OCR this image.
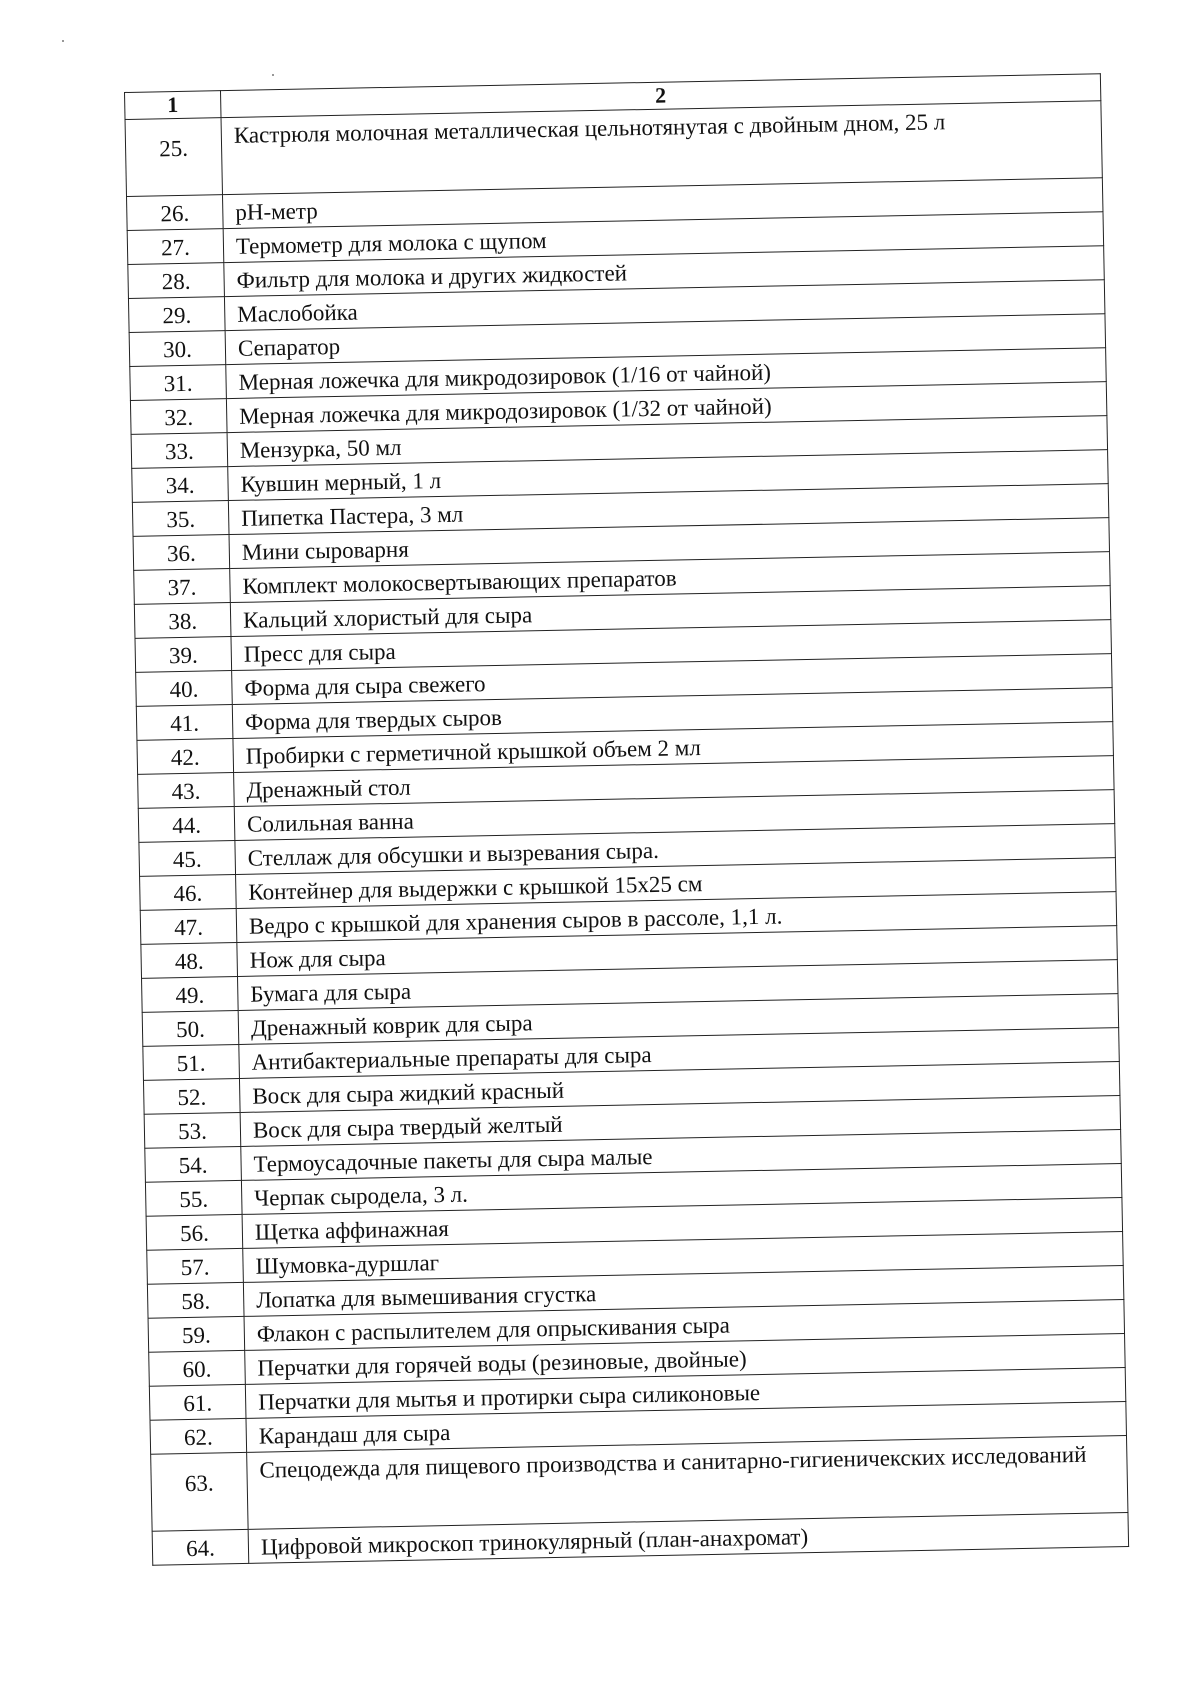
1	2
25.	Кастрюля молочная металлическая цельнотянутая с двойным дном, 25 л
26.	рН-метр
27.	Термометр для молока с щупом
28.	Фильтр для молока и других жидкостей
29.	Маслобойка
30.	Сепаратор
31.	Мерная ложечка для микродозировок (1/16 от чайной)
32.	Мерная ложечка для микродозировок (1/32 от чайной)
33.	Мензурка, 50 мл
34.	Кувшин мерный, 1 л
35.	Пипетка Пастера, 3 мл
36.	Мини сыроварня
37.	Комплект молокосвертывающих препаратов
38.	Кальций хлористый для сыра
39.	Пресс для сыра
40.	Форма для сыра свежего
41.	Форма для твердых сыров
42.	Пробирки с герметичной крышкой объем 2 мл
43.	Дренажный стол
44.	Солильная ванна
45.	Стеллаж для обсушки и вызревания сыра.
46.	Контейнер для выдержки с крышкой 15х25 см
47.	Ведро с крышкой для хранения сыров в рассоле, 1,1 л.
48.	Нож для сыра
49.	Бумага для сыра
50.	Дренажный коврик для сыра
51.	Антибактериальные препараты для сыра
52.	Воск для сыра жидкий красный
53.	Воск для сыра твердый желтый
54.	Термоусадочные пакеты для сыра малые
55.	Черпак сыродела, 3 л.
56.	Щетка аффинажная
57.	Шумовка-дуршлаг
58.	Лопатка для вымешивания сгустка
59.	Флакон с распылителем для опрыскивания сыра
60.	Перчатки для горячей воды (резиновые, двойные)
61.	Перчатки для мытья и протирки сыра силиконовые
62.	Карандаш для сыра
63.	Спецодежда для пищевого производства и санитарно-гигиеничекских исследований
64.	Цифровой микроскоп тринокулярный (план-анахромат)
